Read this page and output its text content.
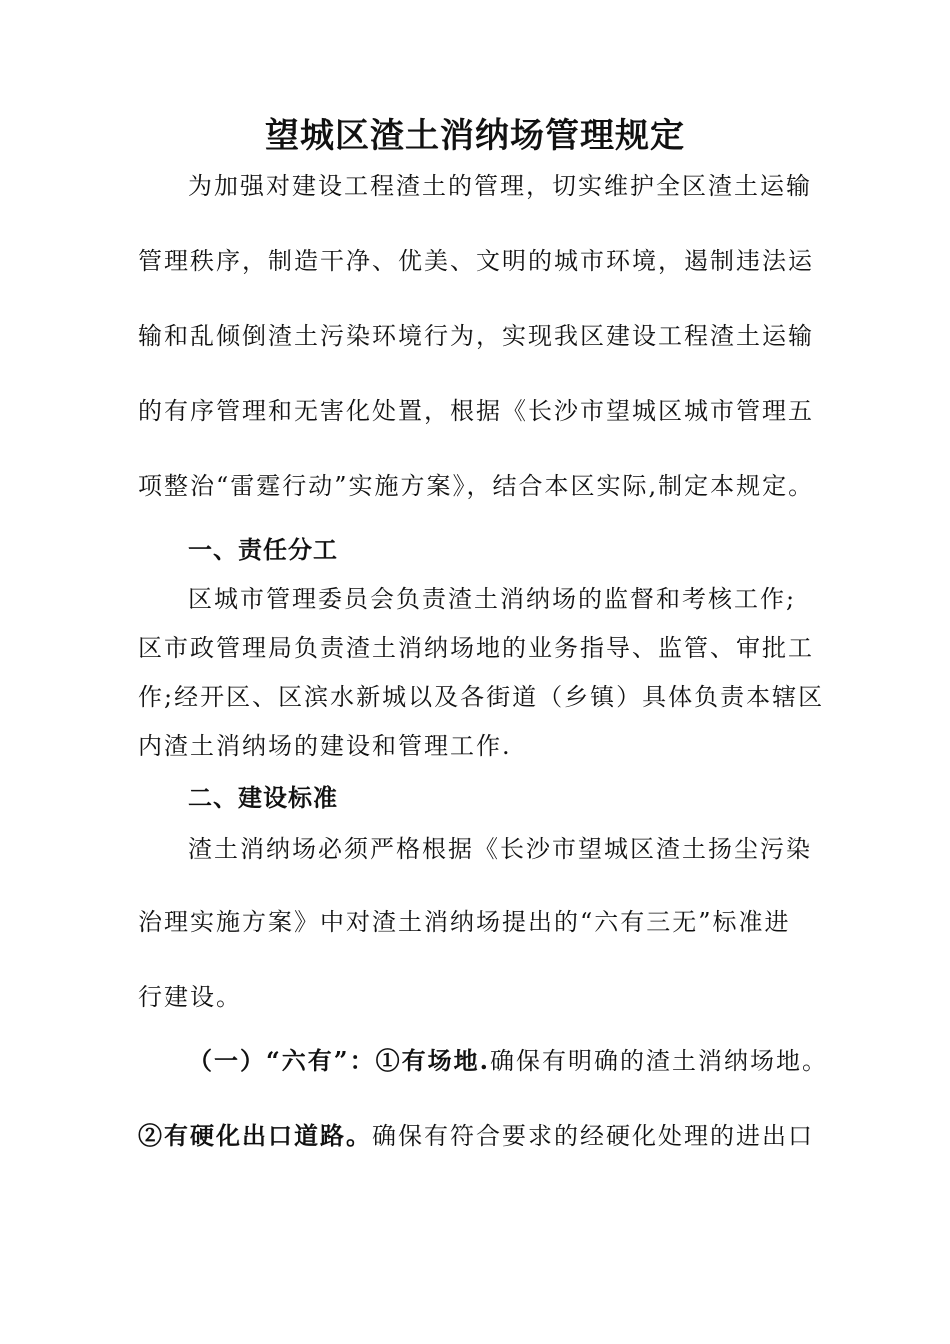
望城区渣土消纳场管理规定
为加强对建设工程渣土的管理，切实维护全区渣土运输
管理秩序，制造干净、优美、文明的城市环境，遏制违法运
输和乱倾倒渣土污染环境行为，实现我区建设工程渣土运输
的有序管理和无害化处置，根据《长沙市望城区城市管理五
项整治“雷霆行动”实施方案》，结合本区实际,制定本规定。
一、责任分工
区城市管理委员会负责渣土消纳场的监督和考核工作;
区市政管理局负责渣土消纳场地的业务指导、监管、审批工
作;经开区、区滨水新城以及各街道（乡镇）具体负责本辖区
内渣土消纳场的建设和管理工作.
二、建设标准
渣土消纳场必须严格根据《长沙市望城区渣土扬尘污染
治理实施方案》中对渣土消纳场提出的“六有三无”标准进
行建设。
（一）“六有”：①有场地.确保有明确的渣土消纳场地。
②有硬化出口道路。确保有符合要求的经硬化处理的进出口
